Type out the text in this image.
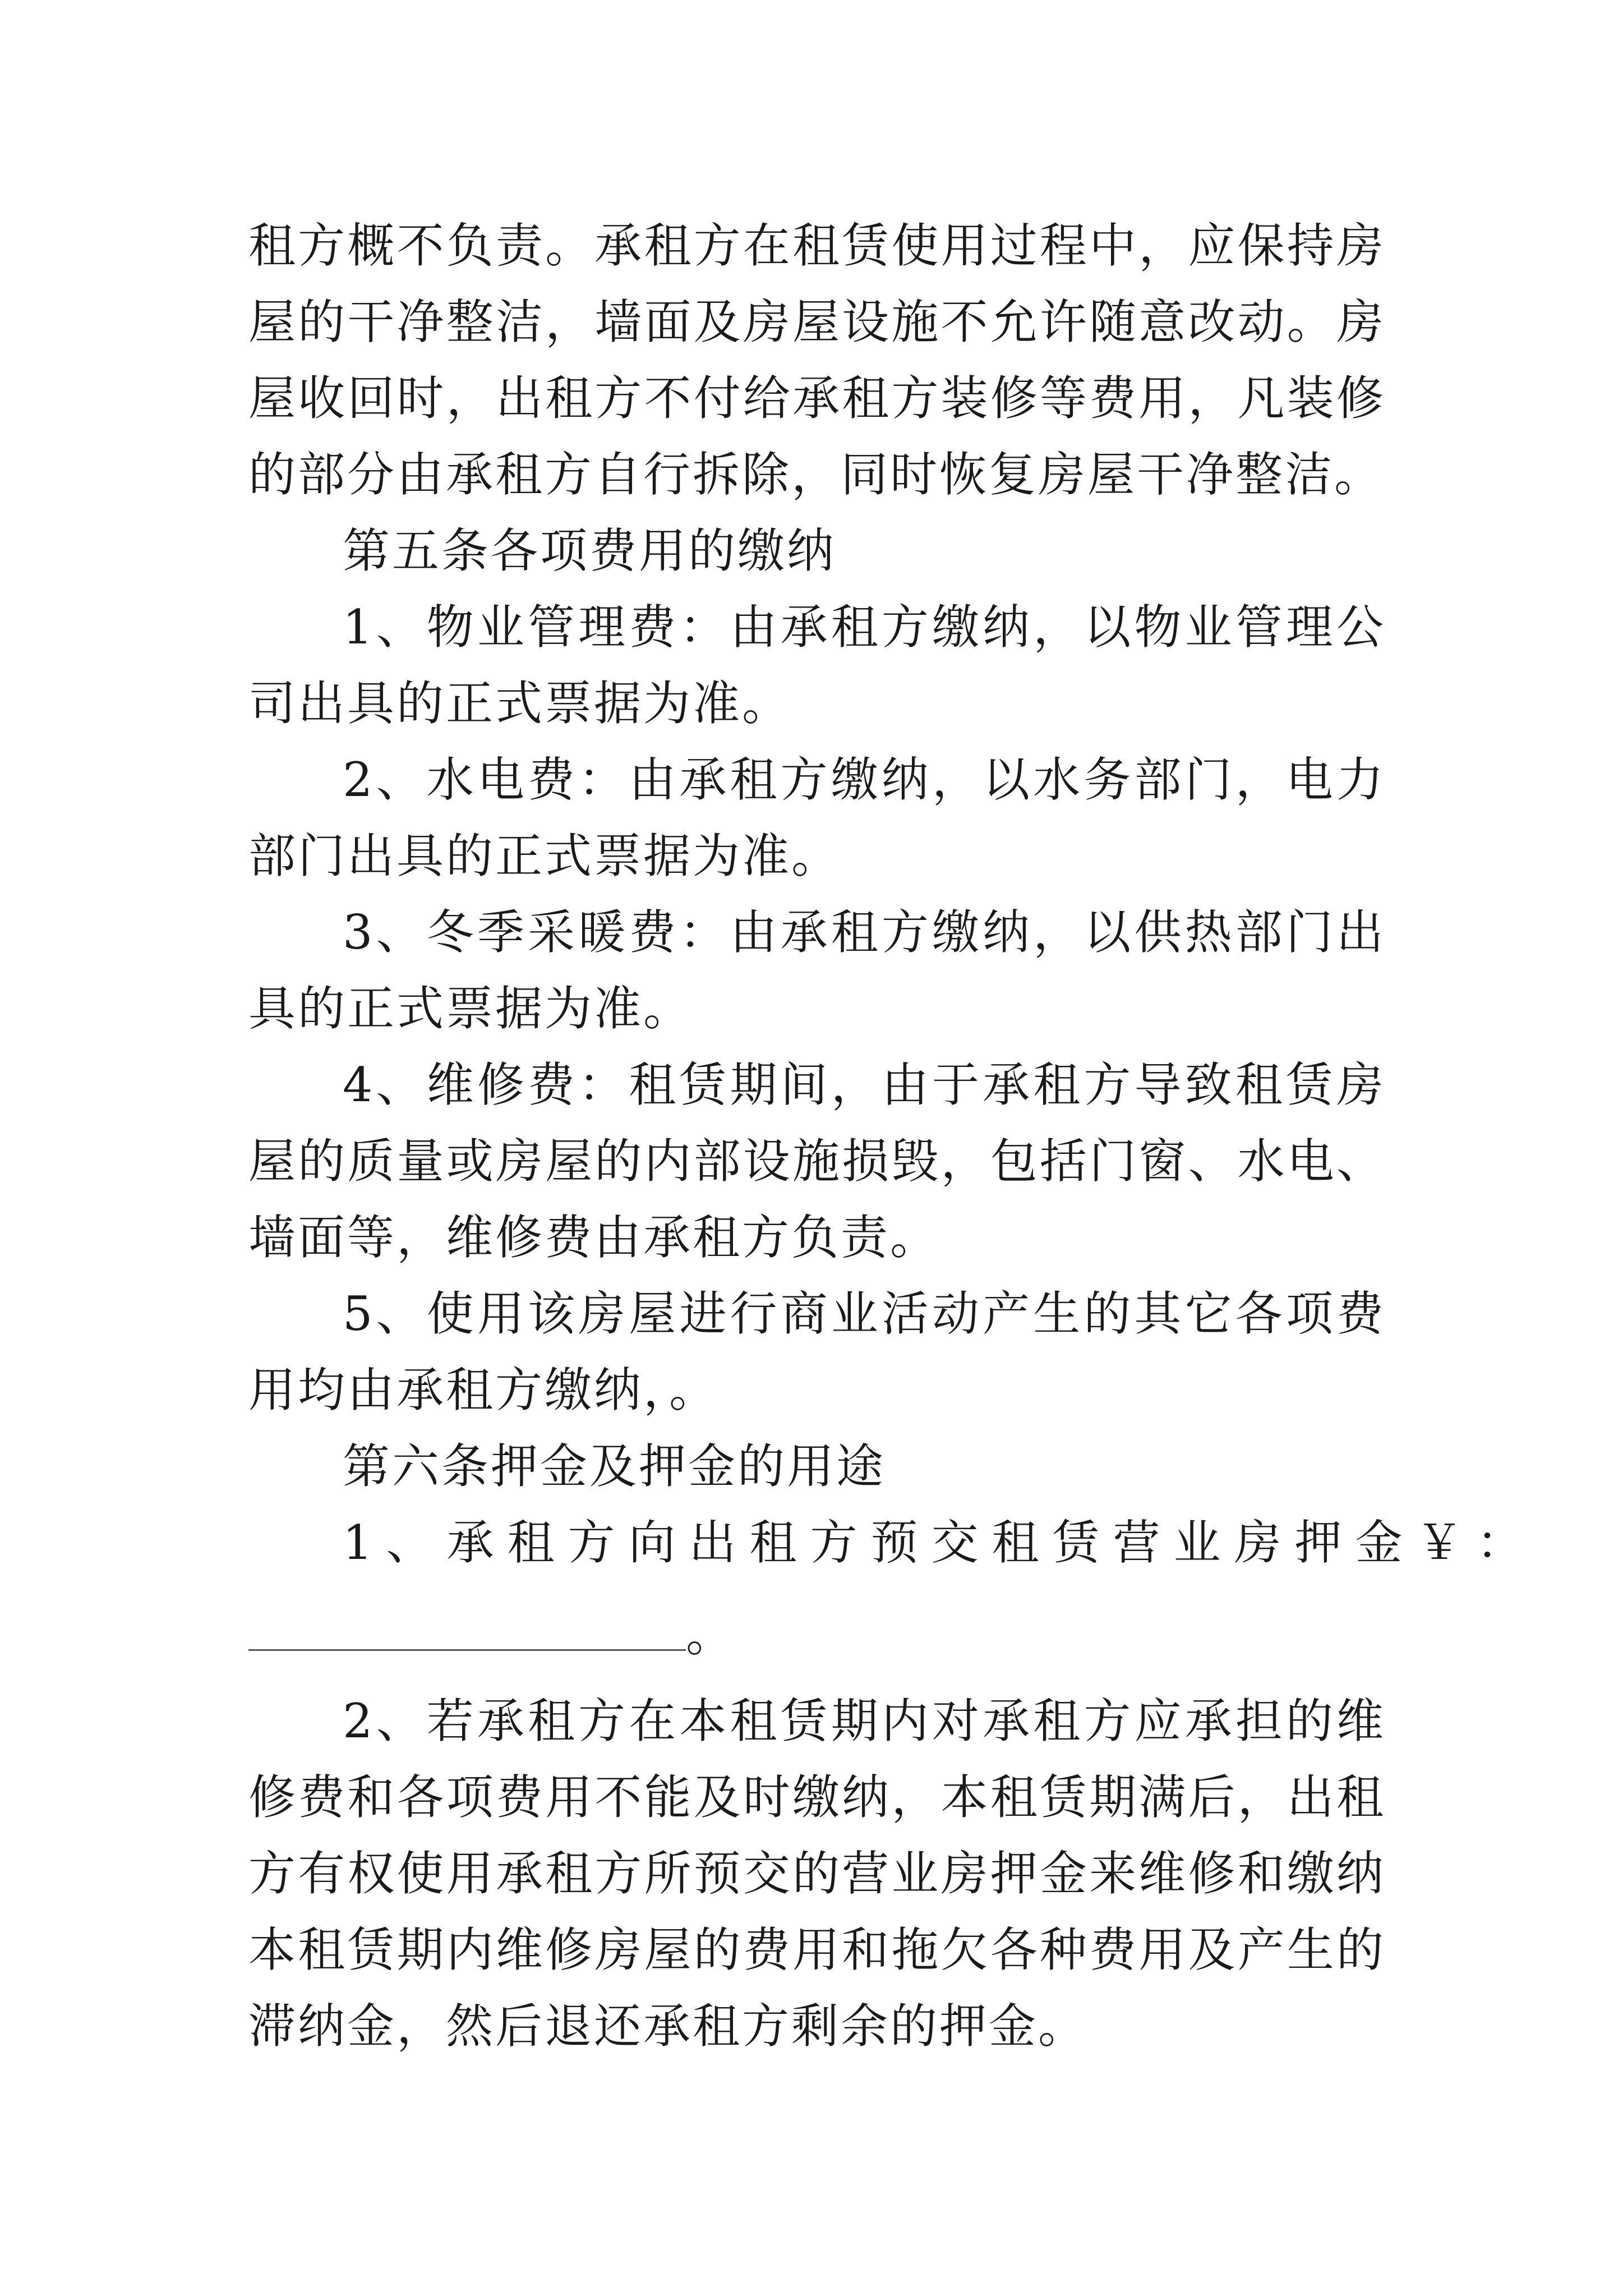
租方概不负责。承租方在租赁使用过程中，应保持房屋的干净整洁，墙面及房屋设施不允许随意改动。房屋收回时，出租方不付给承租方装修等费用，凡装修的部分由承租方自行拆除，同时恢复房屋干净整洁。

第五条各项费用的缴纳

1、物业管理费：由承租方缴纳，以物业管理公司出具的正式票据为准。

2、水电费：由承租方缴纳，以水务部门，电力部门出具的正式票据为准。

3、冬季采暖费：由承租方缴纳，以供热部门出具的正式票据为准。

4、维修费：租赁期间，由于承租方导致租赁房屋的质量或房屋的内部设施损毁，包括门窗、水电、墙面等，维修费由承租方负责。

5、使用该房屋进行商业活动产生的其它各项费用均由承租方缴纳，。

第六条押金及押金的用途

1、承租方向出租方预交租赁营业房押金￥：

。

2、若承租方在本租赁期内对承租方应承担的维修费和各项费用不能及时缴纳，本租赁期满后，出租方有权使用承租方所预交的营业房押金来维修和缴纳本租赁期内维修房屋的费用和拖欠各种费用及产生的滞纳金，然后退还承租方剩余的押金。
